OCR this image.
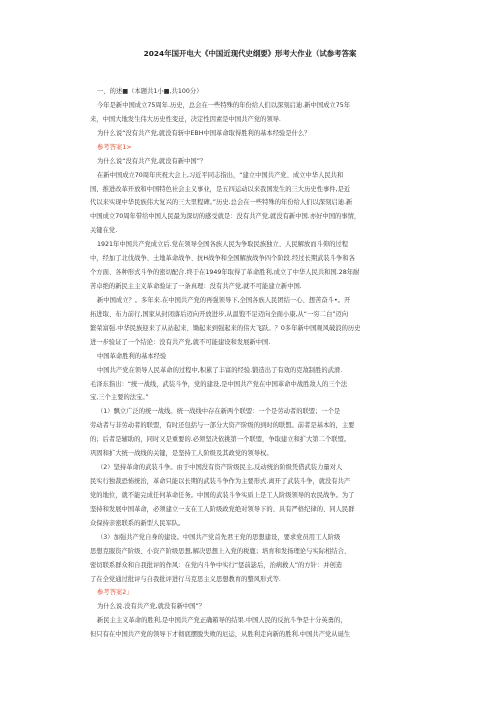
2024年国开电大《中国近现代史纲要》形考大作业（试参考答案
一、的述■（本题共1小■,共100分）
今年是新中国成立75周年.历史，总会在一些特殊的年份给人们以深刻启迪.新中国成立75年
来，中国大地发生伟大历史性变迁，决定性因素是中国共产党的领导.
为什么说“没有共产党,就没有斩中EBH中国革命取得胜利的基本经验是什么？
参考答案1>
为什么说“没有共产党,就没有新中国”？
在新中国成立70周年庆祝大会上,习近平同志指出，“建立中国共产党、成立中华人民共和
国、推进改革开放和中国特色社会主义事业，是五四运动以来我国发生的三大历史性事件,是近
代以来实现中华民族伟大复兴的三大里程碑。”历史.总会在一些特殊的年份给人们以深刻启迪.新
中国成立70周年带给中国人民最为深切的感受就是：没有共产党,就没有新中国.亦好中国的事情，
关键在党.
1921年中国共产党成立后.党在领导全国各族人民为争取民族独立、人民解放而斗仰的过程
中，经加了北伐战争、土地革命战争、抗H战争和全国解放战争四个阶段.经过长期武装斗争和各
个方面、各种形式斗争的密切配合.终于在1949年取得了革命胜利,成立了中华人民共和国.28年耐
苦卓绝的新民主主义革命验证了一条真理：没有共产党,就不可能建立新中国.
新中国成立？。多年来.在中国共产党的再强领导下,全国各族人民团结一心、想苦奋斗•。开
拓进取、布力前行,国家从封闭落后迈向开放进步,从温饱不足迈向全面小康,从“一穷二白”迈向
繁荣富强.中华民族迎来了从站起来、锄起来到强起来的伟大飞跃。？0多年新中国观风破浪的历史
进一步验证了一个结论：没有共产党,就不可能建设和发展新中国.
中国革命胜利的基本经验
中国共产党在领导人民革命的过程中,积累了丰富的经验.锻造出了有效的克敌制胜的武滑.
毛泽东指出：“统一战线，武装斗争，党的建设,是中国共产党在中国革命中战胜敌人的三个法
宝,三个主要的法宝。”
（1）飘立广泛的统一战线。统一战线中存在新两个联盟：一个是劳动者的联盟；一个是
劳动者与非劳动者的联盟，有时还包括与一部分大资产阶级的到时的联盟。前者是基本的，主要
的；后者是辅助的，同时又是重要的.必须坚决依挑第一个联盟，争取建立和扩大第二个联盟。
巩固和扩大统一战线的关键，是坚持工人阶级及其政党的领导权。
（2）坚持革命的武装斗争。由于中国没有资产阶级民主,反动统治阶级凭借武装力量对人
民实行独裁恐怖统治，革命只能以长期的武装斗争作为主要形式.离开了武装斗争，就没有共产
党的地位，就不能完成任何革命任务。中国的武装斗争实质上是工人阶级领导的农民战争。为了
坚持和发展中国革命，必须建立一支在工人阶级政党绝对领导下的、具有严格纪律的、同人民群
众保持亲密联系的新型人民军队。
（3）加强共产党自身的建设。中国共产党首先君王党的思想建设，要求党员用工人阶级
思想克服资产阶级、小资产阶级思想,解决思想上入党的税鹿；培育和发扬理论与实际相结合、
密切联系群众和自我批评的作风：在党内斗争中实行“惩前毖后，治病救人”的方针：并创造
了在全党通过批评与自我批评进行马克思主义思想教育的整风形式等.
参考答案2」
为什么说.没有共产党,就没有新中国”？
新民主主义革命的胜利,是中国共产党正确箱导的结果.中国人民的反抗斗争是十分英勇的，
但只有在中国共产党的领导下才彻底摆脱失败的厄运，从胜利走向新的胜利.中国共产党从诞生
